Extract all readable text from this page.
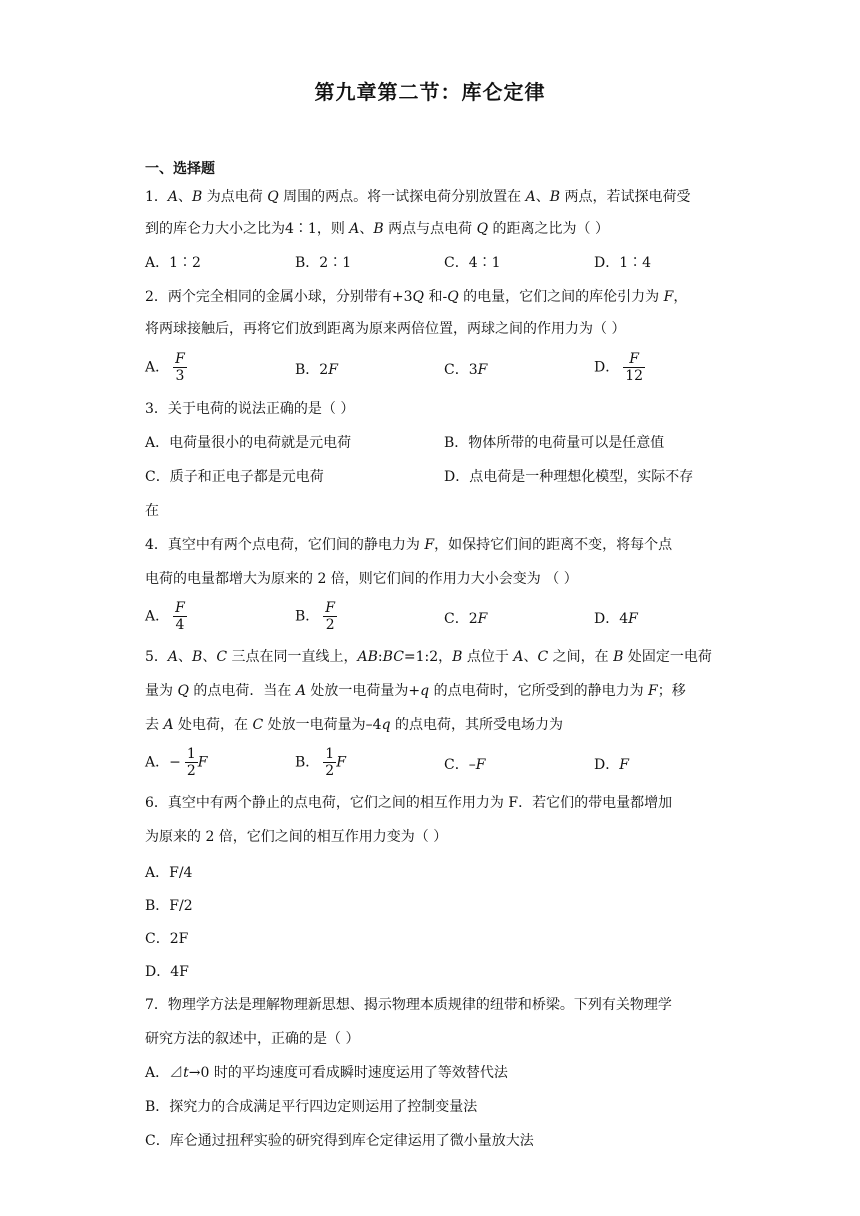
第九章第二节：库仑定律
一、选择题
1．A、B 为点电荷 Q 周围的两点。将一试探电荷分别放置在 A、B 两点，若试探电荷受
到的库仑力大小之比为4∶1，则 A、B 两点与点电荷 Q 的距离之比为（ ）
A．1∶2	B．2∶1	C．4∶1	D．1∶4
2．两个完全相同的金属小球，分别带有+3Q 和-Q 的电量，它们之间的库伦引力为 F，
将两球接触后，再将它们放到距离为原来两倍位置，两球之间的作用力为（ ）
A． $\frac{F}{3}$	B．2F	C．3F	D． $\frac{F}{12}$
3．关于电荷的说法正确的是（ ）
A．电荷量很小的电荷就是元电荷	B．物体所带的电荷量可以是任意值
C．质子和正电子都是元电荷	D．点电荷是一种理想化模型，实际不存
在
4．真空中有两个点电荷，它们间的静电力为 F，如保持它们间的距离不变，将每个点
电荷的电量都增大为原来的 2 倍，则它们间的作用力大小会变为 （ ）
A． $\frac{F}{4}$	B． $\frac{F}{2}$	C．2F	D．4F
5．A、B、C 三点在同一直线上，AB:BC=1:2，B 点位于 A、C 之间，在 B 处固定一电荷
量为 Q 的点电荷．当在 A 处放一电荷量为+q 的点电荷时，它所受到的静电力为 F；移
去 A 处电荷，在 C 处放一电荷量为–4q 的点电荷，其所受电场力为
A．− $\frac{1}{2}$ F	B． $\frac{1}{2}$ F	C．–F	D．F
6．真空中有两个静止的点电荷，它们之间的相互作用力为 F．若它们的带电量都增加
为原来的 2 倍，它们之间的相互作用力变为（ ）
A．F/4
B．F/2
C．2F
D．4F
7．物理学方法是理解物理新思想、揭示物理本质规律的纽带和桥梁。下列有关物理学
研究方法的叙述中，正确的是（ ）
A．⊿t→0 时的平均速度可看成瞬时速度运用了等效替代法
B．探究力的合成满足平行四边定则运用了控制变量法
C．库仑通过扭秤实验的研究得到库仑定律运用了微小量放大法
